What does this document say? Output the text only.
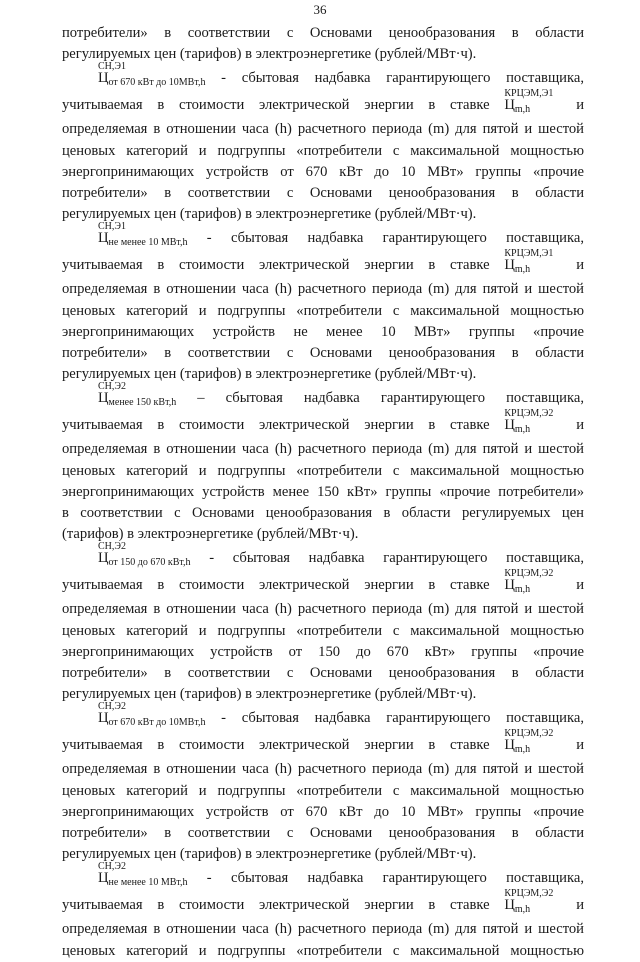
36

потребители» в соответствии с Основами ценообразования в области
регулируемых цен (тарифов) в электроэнергетике (рублей/МВт·ч).

Ц
СН,Э1
от 670 кВт до 10МВт,h - сбытовая надбавка гарантирующего поставщика,
учитываемая в стоимости электрической энергии в ставке Ц
КРЦЭМ,Э1
m,h	и
определяемая в отношении часа (h) расчетного периода (m) для пятой и шестой
ценовых категорий и подгруппы «потребители с максимальной мощностью
энергопринимающих устройств от 670 кВт до 10 МВт» группы «прочие
потребители» в соответствии с Основами ценообразования в области
регулируемых цен (тарифов) в электроэнергетике (рублей/МВт·ч).

Ц
СН,Э1
не менее 10 МВт,h - сбытовая надбавка гарантирующего поставщика,
учитываемая в стоимости электрической энергии в ставке Ц
КРЦЭМ,Э1
m,h	и
определяемая в отношении часа (h) расчетного периода (m) для пятой и шестой
ценовых категорий и подгруппы «потребители с максимальной мощностью
энергопринимающих устройств не менее 10 МВт» группы «прочие
потребители» в соответствии с Основами ценообразования в области
регулируемых цен (тарифов) в электроэнергетике (рублей/МВт·ч).

Ц
СН,Э2
менее 150 кВт,h – сбытовая надбавка гарантирующего поставщика,
учитываемая в стоимости электрической энергии в ставке Ц
КРЦЭМ,Э2
m,h	и
определяемая в отношении часа (h) расчетного периода (m) для пятой и шестой
ценовых категорий и подгруппы «потребители с максимальной мощностью
энергопринимающих устройств менее 150 кВт» группы «прочие потребители»
в соответствии с Основами ценообразования в области регулируемых цен
(тарифов) в электроэнергетике (рублей/МВт·ч).

Ц
СН,Э2
от 150 до 670 кВт,h - сбытовая надбавка гарантирующего поставщика,
учитываемая в стоимости электрической энергии в ставке Ц
КРЦЭМ,Э2
m,h	и
определяемая в отношении часа (h) расчетного периода (m) для пятой и шестой
ценовых категорий и подгруппы «потребители с максимальной мощностью
энергопринимающих устройств от 150 до 670 кВт» группы «прочие
потребители» в соответствии с Основами ценообразования в области
регулируемых цен (тарифов) в электроэнергетике (рублей/МВт·ч).

Ц
СН,Э2
от 670 кВт до 10МВт,h - сбытовая надбавка гарантирующего поставщика,
учитываемая в стоимости электрической энергии в ставке Ц
КРЦЭМ,Э2
m,h	и
определяемая в отношении часа (h) расчетного периода (m) для пятой и шестой
ценовых категорий и подгруппы «потребители с максимальной мощностью
энергопринимающих устройств от 670 кВт до 10 МВт» группы «прочие
потребители» в соответствии с Основами ценообразования в области
регулируемых цен (тарифов) в электроэнергетике (рублей/МВт·ч).

Ц
СН,Э2
не менее 10 МВт,h - сбытовая надбавка гарантирующего поставщика,
учитываемая в стоимости электрической энергии в ставке Ц
КРЦЭМ,Э2
m,h	и
определяемая в отношении часа (h) расчетного периода (m) для пятой и шестой
ценовых категорий и подгруппы «потребители с максимальной мощностью
